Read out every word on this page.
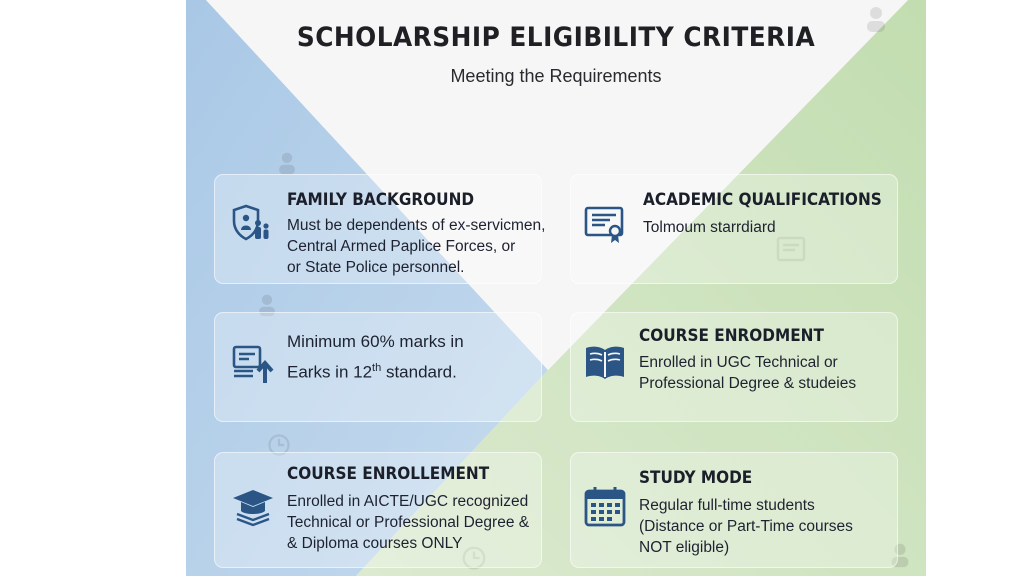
SCHOLARSHIP ELIGIBILITY CRITERIA
Meeting the Requirements
FAMILY BACKGROUND
Must be dependents of ex-servicmen,
Central Armed Paplice Forces, or
or State Police personnel.
ACADEMIC QUALIFICATIONS
Tolmoum starrdiard
Minimum 60% marks in
Earks in 12th standard.
COURSE ENRODMENT
Enrolled in UGC Technical or
Professional Degree & studeies
COURSE ENROLLEMENT
Enrolled in AICTE/UGC recognized
Technical or Professional Degree &
& Diploma courses ONLY
STUDY MODE
Regular full-time students
(Distance or Part-Time courses
NOT eligible)
